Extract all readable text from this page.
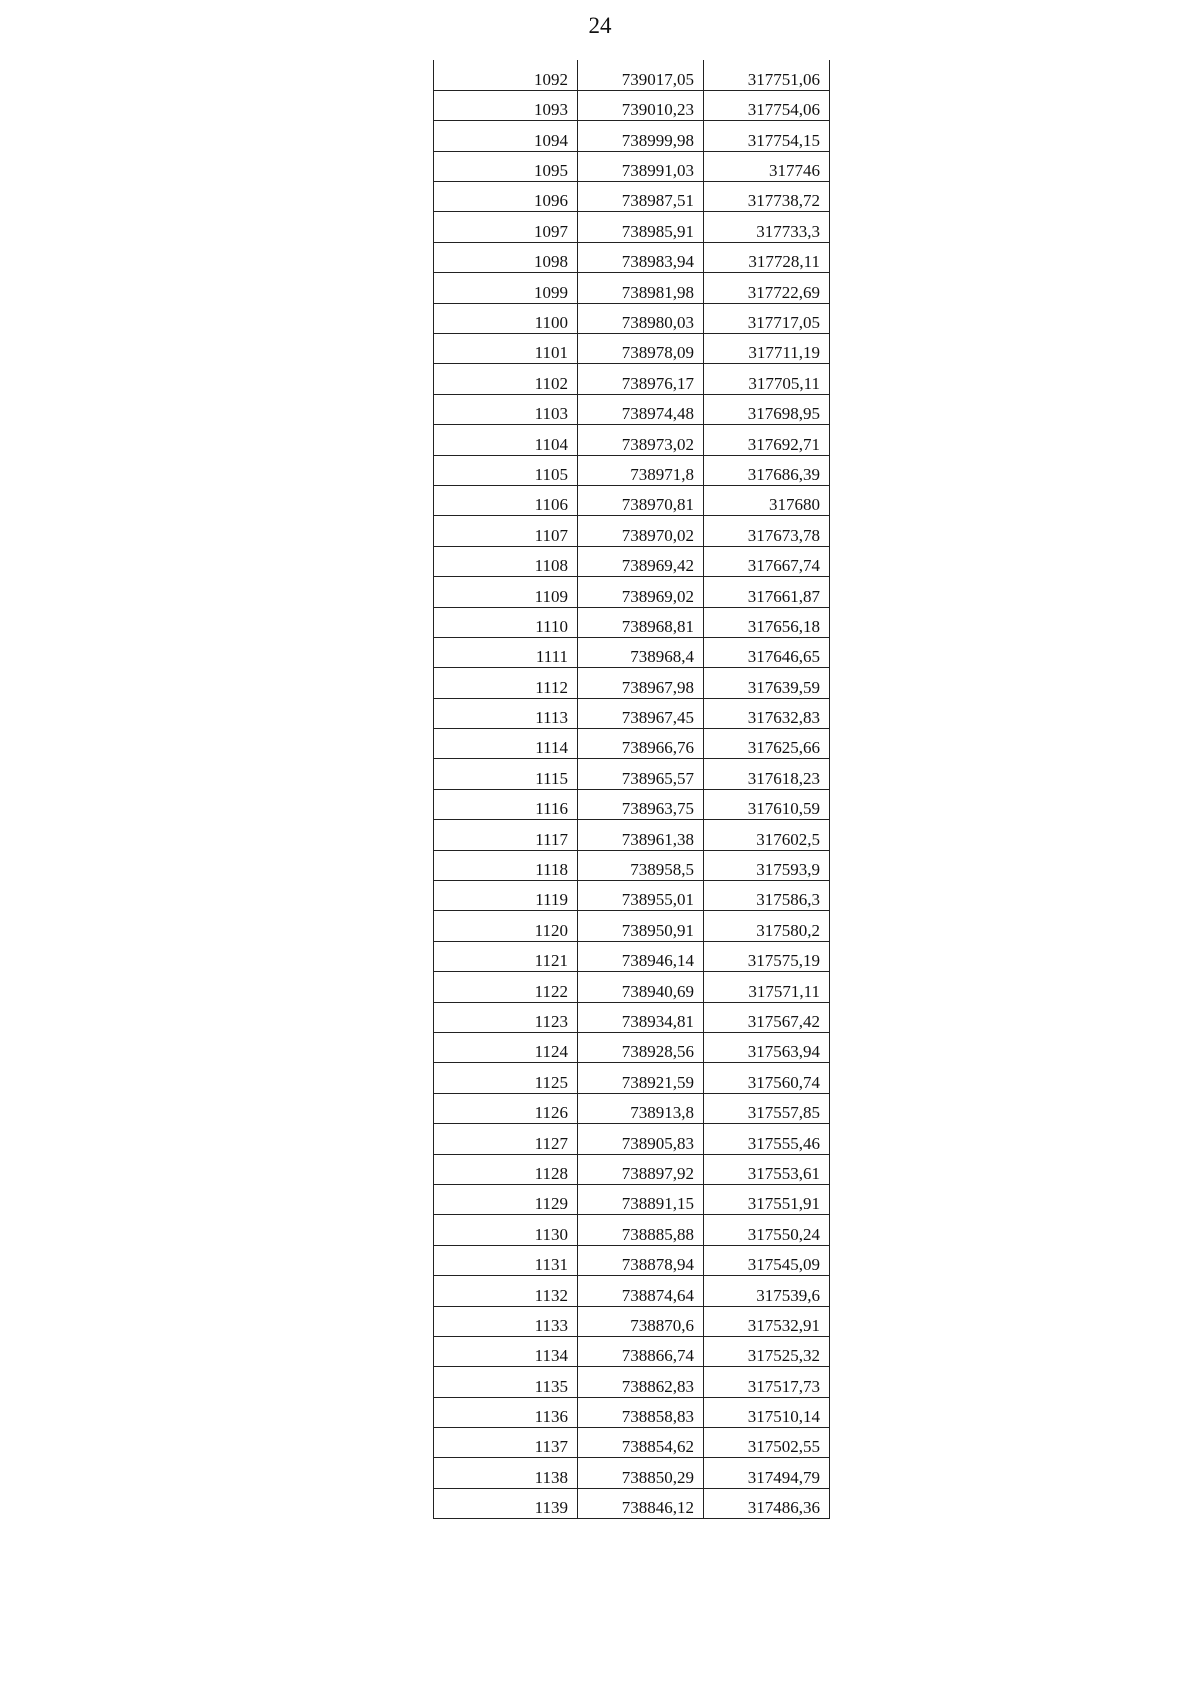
24
1092	739017,05	317751,06
1093	739010,23	317754,06
1094	738999,98	317754,15
1095	738991,03	317746
1096	738987,51	317738,72
1097	738985,91	317733,3
1098	738983,94	317728,11
1099	738981,98	317722,69
1100	738980,03	317717,05
1101	738978,09	317711,19
1102	738976,17	317705,11
1103	738974,48	317698,95
1104	738973,02	317692,71
1105	738971,8	317686,39
1106	738970,81	317680
1107	738970,02	317673,78
1108	738969,42	317667,74
1109	738969,02	317661,87
1110	738968,81	317656,18
1111	738968,4	317646,65
1112	738967,98	317639,59
1113	738967,45	317632,83
1114	738966,76	317625,66
1115	738965,57	317618,23
1116	738963,75	317610,59
1117	738961,38	317602,5
1118	738958,5	317593,9
1119	738955,01	317586,3
1120	738950,91	317580,2
1121	738946,14	317575,19
1122	738940,69	317571,11
1123	738934,81	317567,42
1124	738928,56	317563,94
1125	738921,59	317560,74
1126	738913,8	317557,85
1127	738905,83	317555,46
1128	738897,92	317553,61
1129	738891,15	317551,91
1130	738885,88	317550,24
1131	738878,94	317545,09
1132	738874,64	317539,6
1133	738870,6	317532,91
1134	738866,74	317525,32
1135	738862,83	317517,73
1136	738858,83	317510,14
1137	738854,62	317502,55
1138	738850,29	317494,79
1139	738846,12	317486,36
